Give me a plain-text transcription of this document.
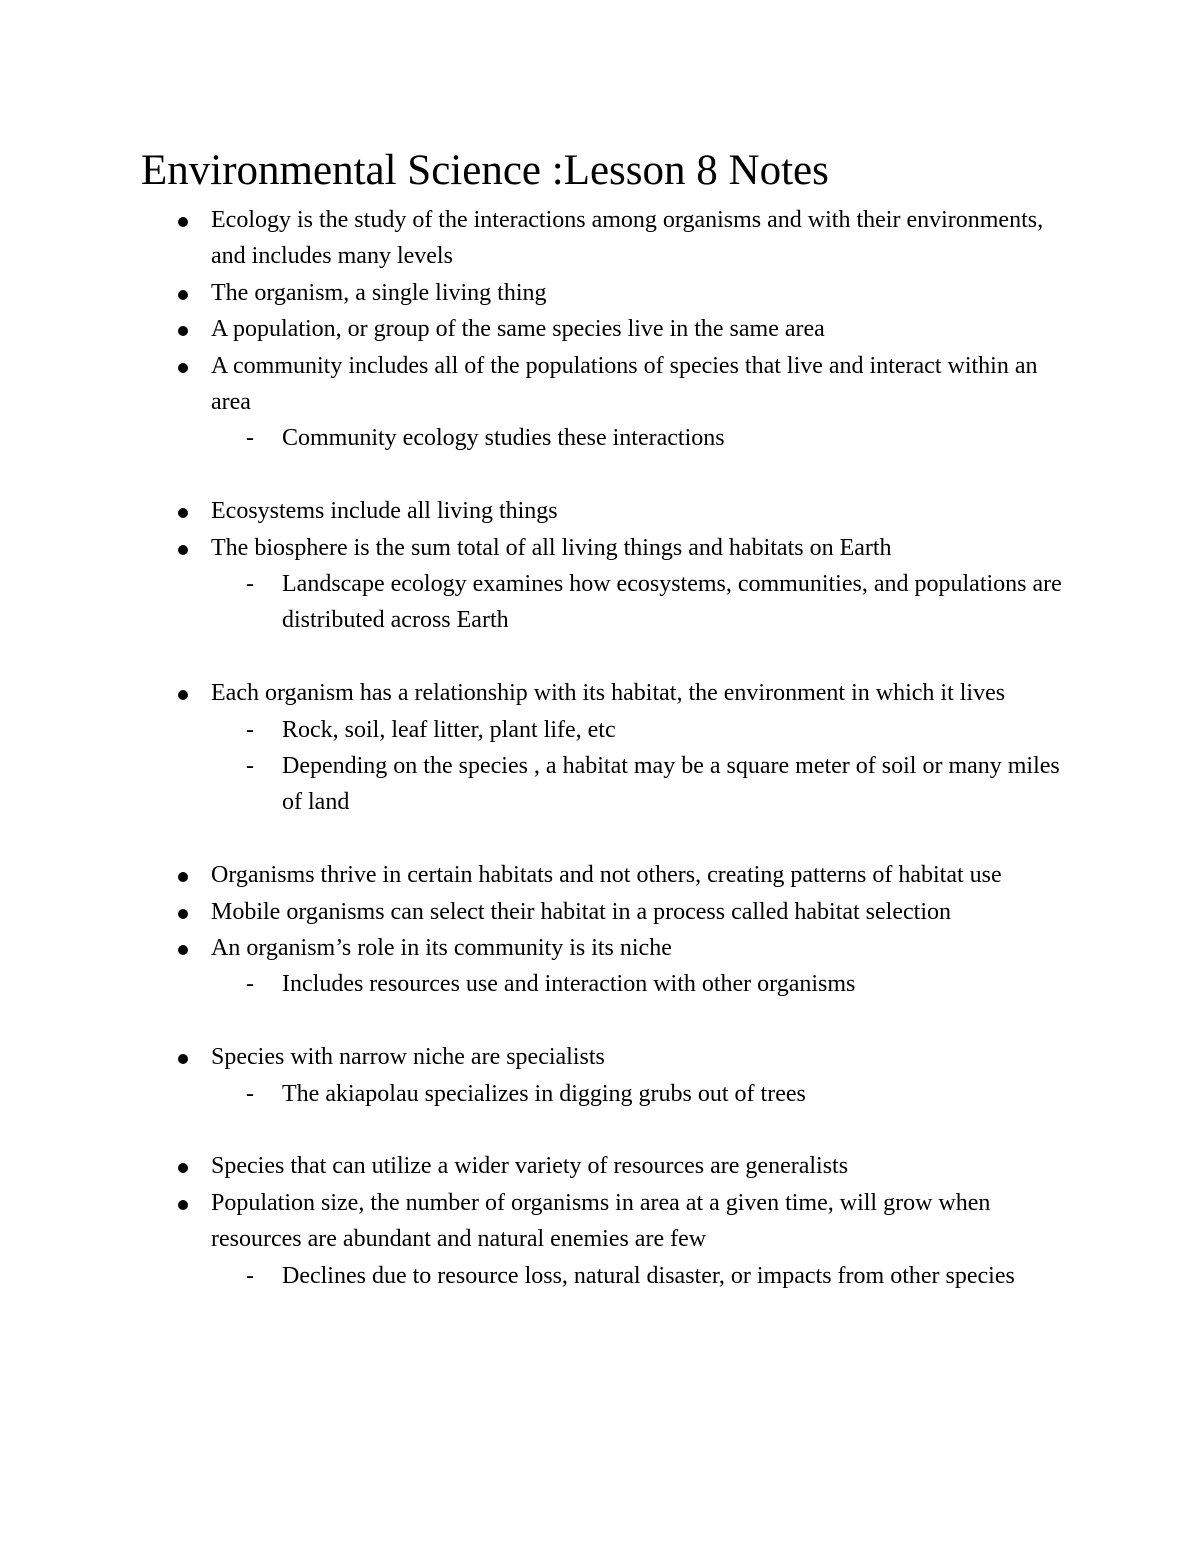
Environmental Science :Lesson 8 Notes
Ecology is the study of the interactions among organisms and with their environments, and includes many levels
The organism, a single living thing
A population, or group of the same species live in the same area
A community includes all of the populations of species that live and interact within an area
- Community ecology studies these interactions
Ecosystems include all living things
The biosphere is the sum total of all living things and habitats on Earth
- Landscape ecology examines how ecosystems, communities, and populations are distributed across Earth
Each organism has a relationship with its habitat, the environment in which it lives
- Rock, soil, leaf litter, plant life, etc
- Depending on the species , a habitat may be a square meter of soil or many miles of land
Organisms thrive in certain habitats and not others, creating patterns of habitat use
Mobile organisms can select their habitat in a process called habitat selection
An organism’s role in its community is its niche
- Includes resources use and interaction with other organisms
Species with narrow niche are specialists
- The akiapolau specializes in digging grubs out of trees
Species that can utilize a wider variety of resources are generalists
Population size, the number of organisms in area at a given time, will grow when resources are abundant and natural enemies are few
- Declines due to resource loss, natural disaster, or impacts from other species
